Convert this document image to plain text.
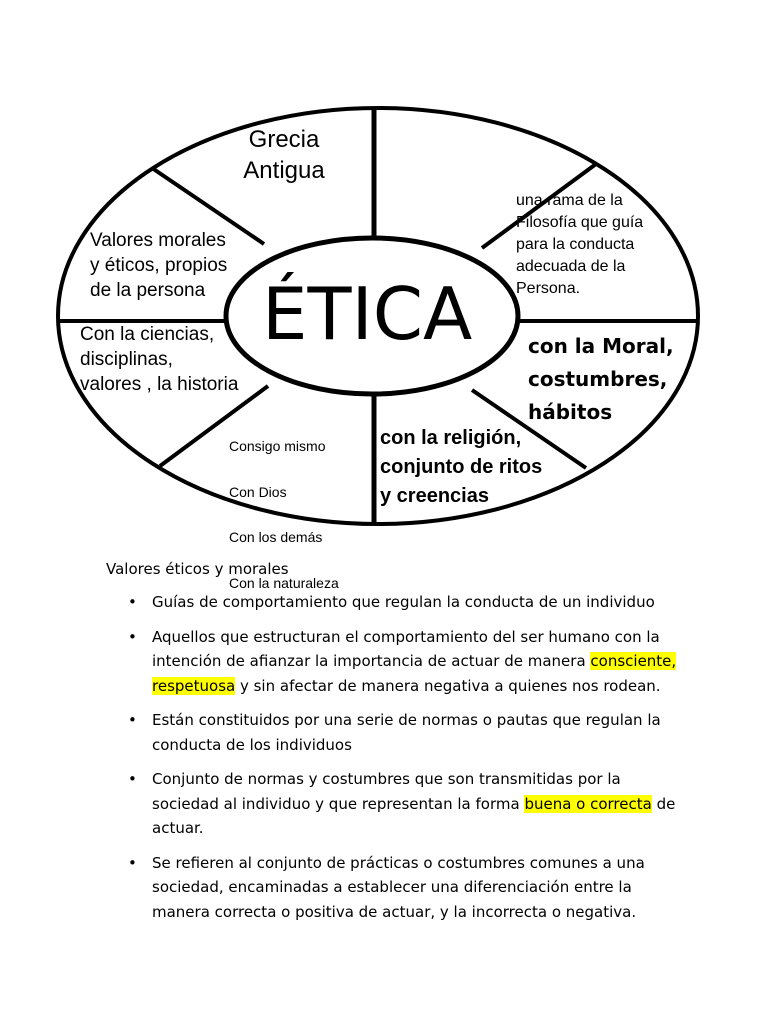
ÉTICA
Grecia
Antigua
una rama de la
Filosofía que guía
para la conducta
adecuada de la
Persona.
Valores morales
y éticos, propios
de la persona
Con la ciencias,
disciplinas,
valores , la historia
con la Moral,
costumbres,
hábitos
con la religión,
conjunto de ritos
y creencias

Consigo mismo

Con Dios

Con los demás

Con la naturaleza

Valores éticos y morales
• Guías de comportamiento que regulan la conducta de un individuo
• Aquellos que estructuran el comportamiento del ser humano con la intención de afianzar la importancia de actuar de manera consciente, respetuosa y sin afectar de manera negativa a quienes nos rodean.
• Están constituidos por una serie de normas o pautas que regulan la conducta de los individuos
• Conjunto de normas y costumbres que son transmitidas por la sociedad al individuo y que representan la forma buena o correcta de actuar.
• Se refieren al conjunto de prácticas o costumbres comunes a una sociedad, encaminadas a establecer una diferenciación entre la manera correcta o positiva de actuar, y la incorrecta o negativa.
